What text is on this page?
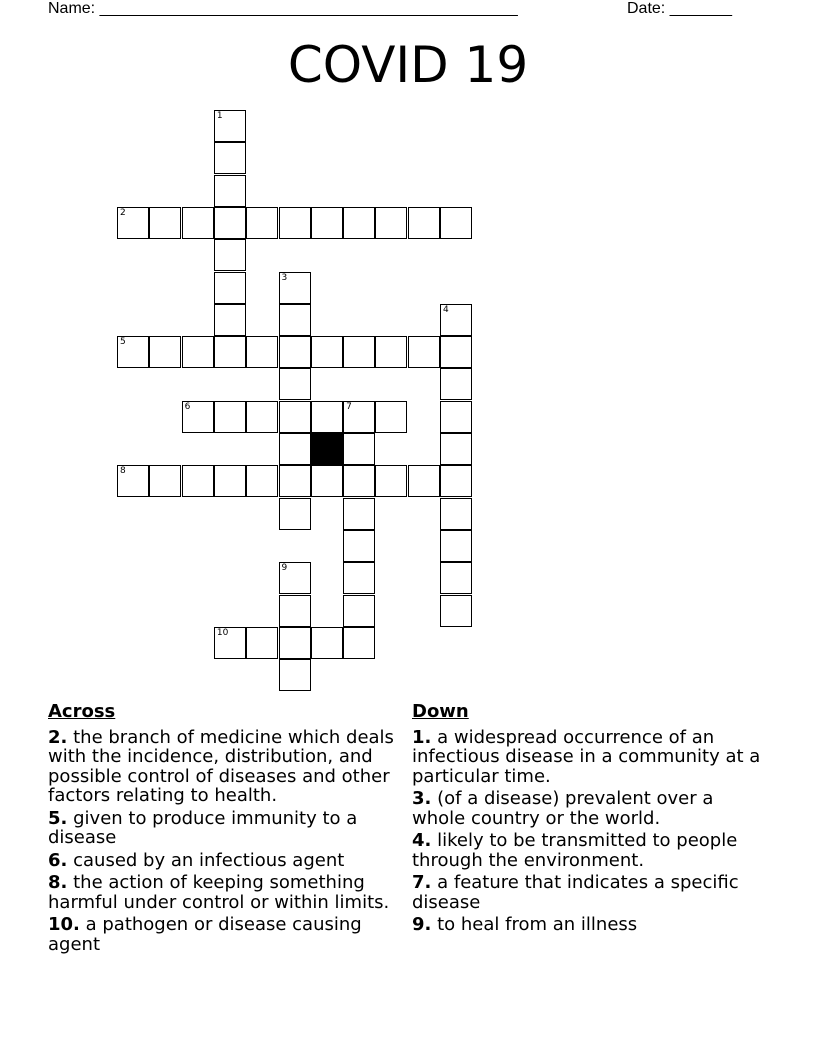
Name: _______________________________________________	Date: _______
COVID 19
1
2
3
4
5
6	7
8
9
10
Across
2. the branch of medicine which deals with the incidence, distribution, and possible control of diseases and other factors relating to health.
5. given to produce immunity to a disease
6. caused by an infectious agent
8. the action of keeping something harmful under control or within limits.
10. a pathogen or disease causing agent
Down
1. a widespread occurrence of an infectious disease in a community at a particular time.
3. (of a disease) prevalent over a whole country or the world.
4. likely to be transmitted to people through the environment.
7. a feature that indicates a specific disease
9. to heal from an illness
